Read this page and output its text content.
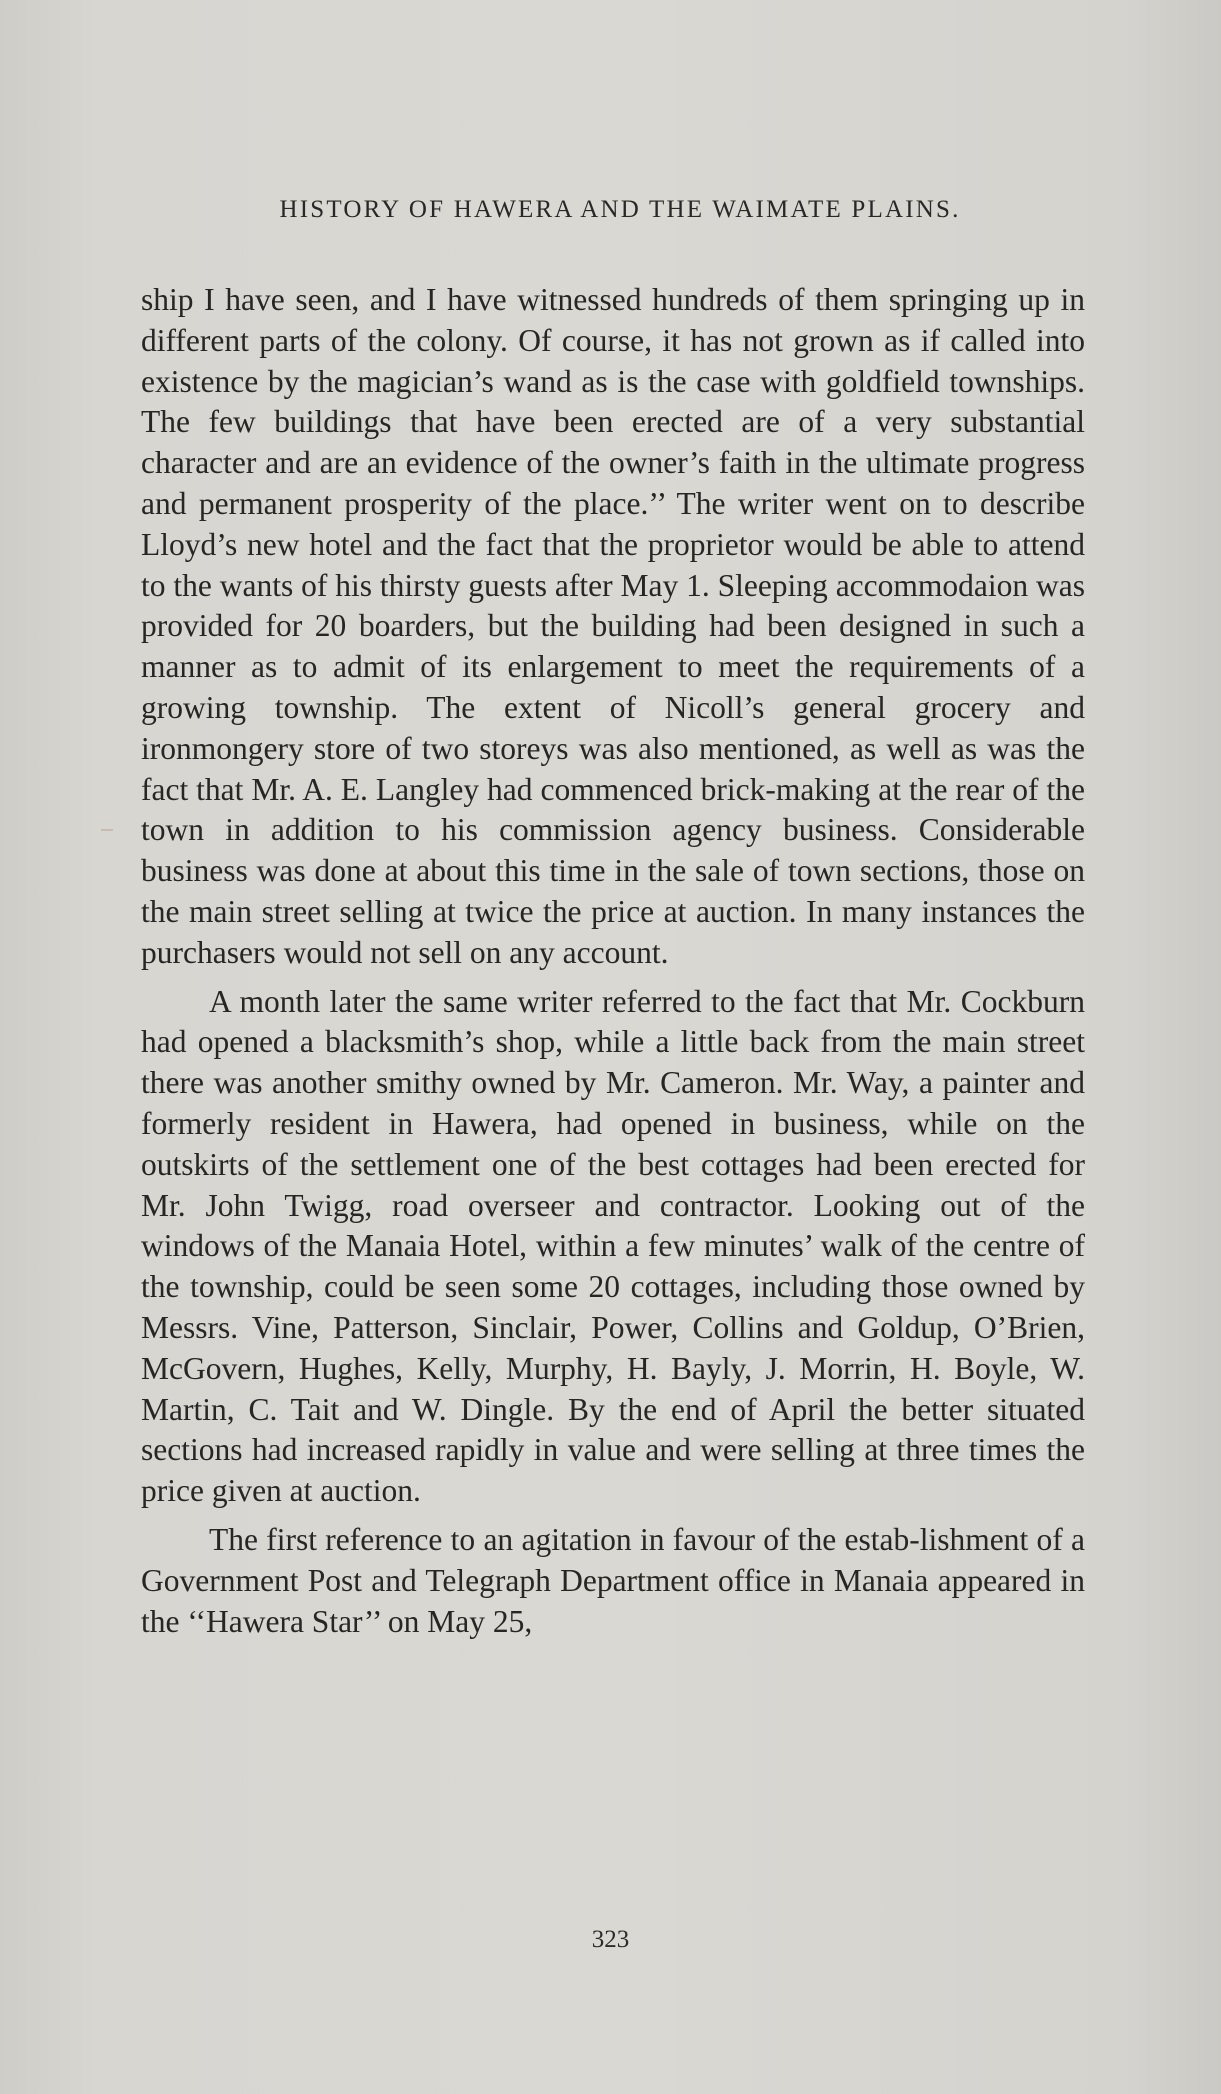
HISTORY OF HAWERA AND THE WAIMATE PLAINS.

ship I have seen, and I have witnessed hundreds of them springing up in different parts of the colony. Of course, it has not grown as if called into existence by the magician’s wand as is the case with goldfield townships. The few buildings that have been erected are of a very substantial character and are an evidence of the owner’s faith in the ultimate progress and permanent prosperity of the place.’’ The writer went on to describe Lloyd’s new hotel and the fact that the proprietor would be able to attend to the wants of his thirsty guests after May 1. Sleeping accommodaion was provided for 20 boarders, but the building had been designed in such a manner as to admit of its enlargement to meet the requirements of a growing township. The extent of Nicoll’s general grocery and ironmongery store of two storeys was also mentioned, as well as was the fact that Mr. A. E. Langley had commenced brick-making at the rear of the town in addition to his commission agency business. Considerable business was done at about this time in the sale of town sections, those on the main street selling at twice the price at auction. In many instances the purchasers would not sell on any account.

A month later the same writer referred to the fact that Mr. Cockburn had opened a blacksmith’s shop, while a little back from the main street there was another smithy owned by Mr. Cameron. Mr. Way, a painter and formerly resident in Hawera, had opened in business, while on the outskirts of the settlement one of the best cottages had been erected for Mr. John Twigg, road overseer and contractor. Looking out of the windows of the Manaia Hotel, within a few minutes’ walk of the centre of the township, could be seen some 20 cottages, including those owned by Messrs. Vine, Patterson, Sinclair, Power, Collins and Goldup, O’Brien, McGovern, Hughes, Kelly, Murphy, H. Bayly, J. Morrin, H. Boyle, W. Martin, C. Tait and W. Dingle. By the end of April the better situated sections had increased rapidly in value and were selling at three times the price given at auction.

The first reference to an agitation in favour of the estab-lishment of a Government Post and Telegraph Department office in Manaia appeared in the ‘‘Hawera Star’’ on May 25,

323
